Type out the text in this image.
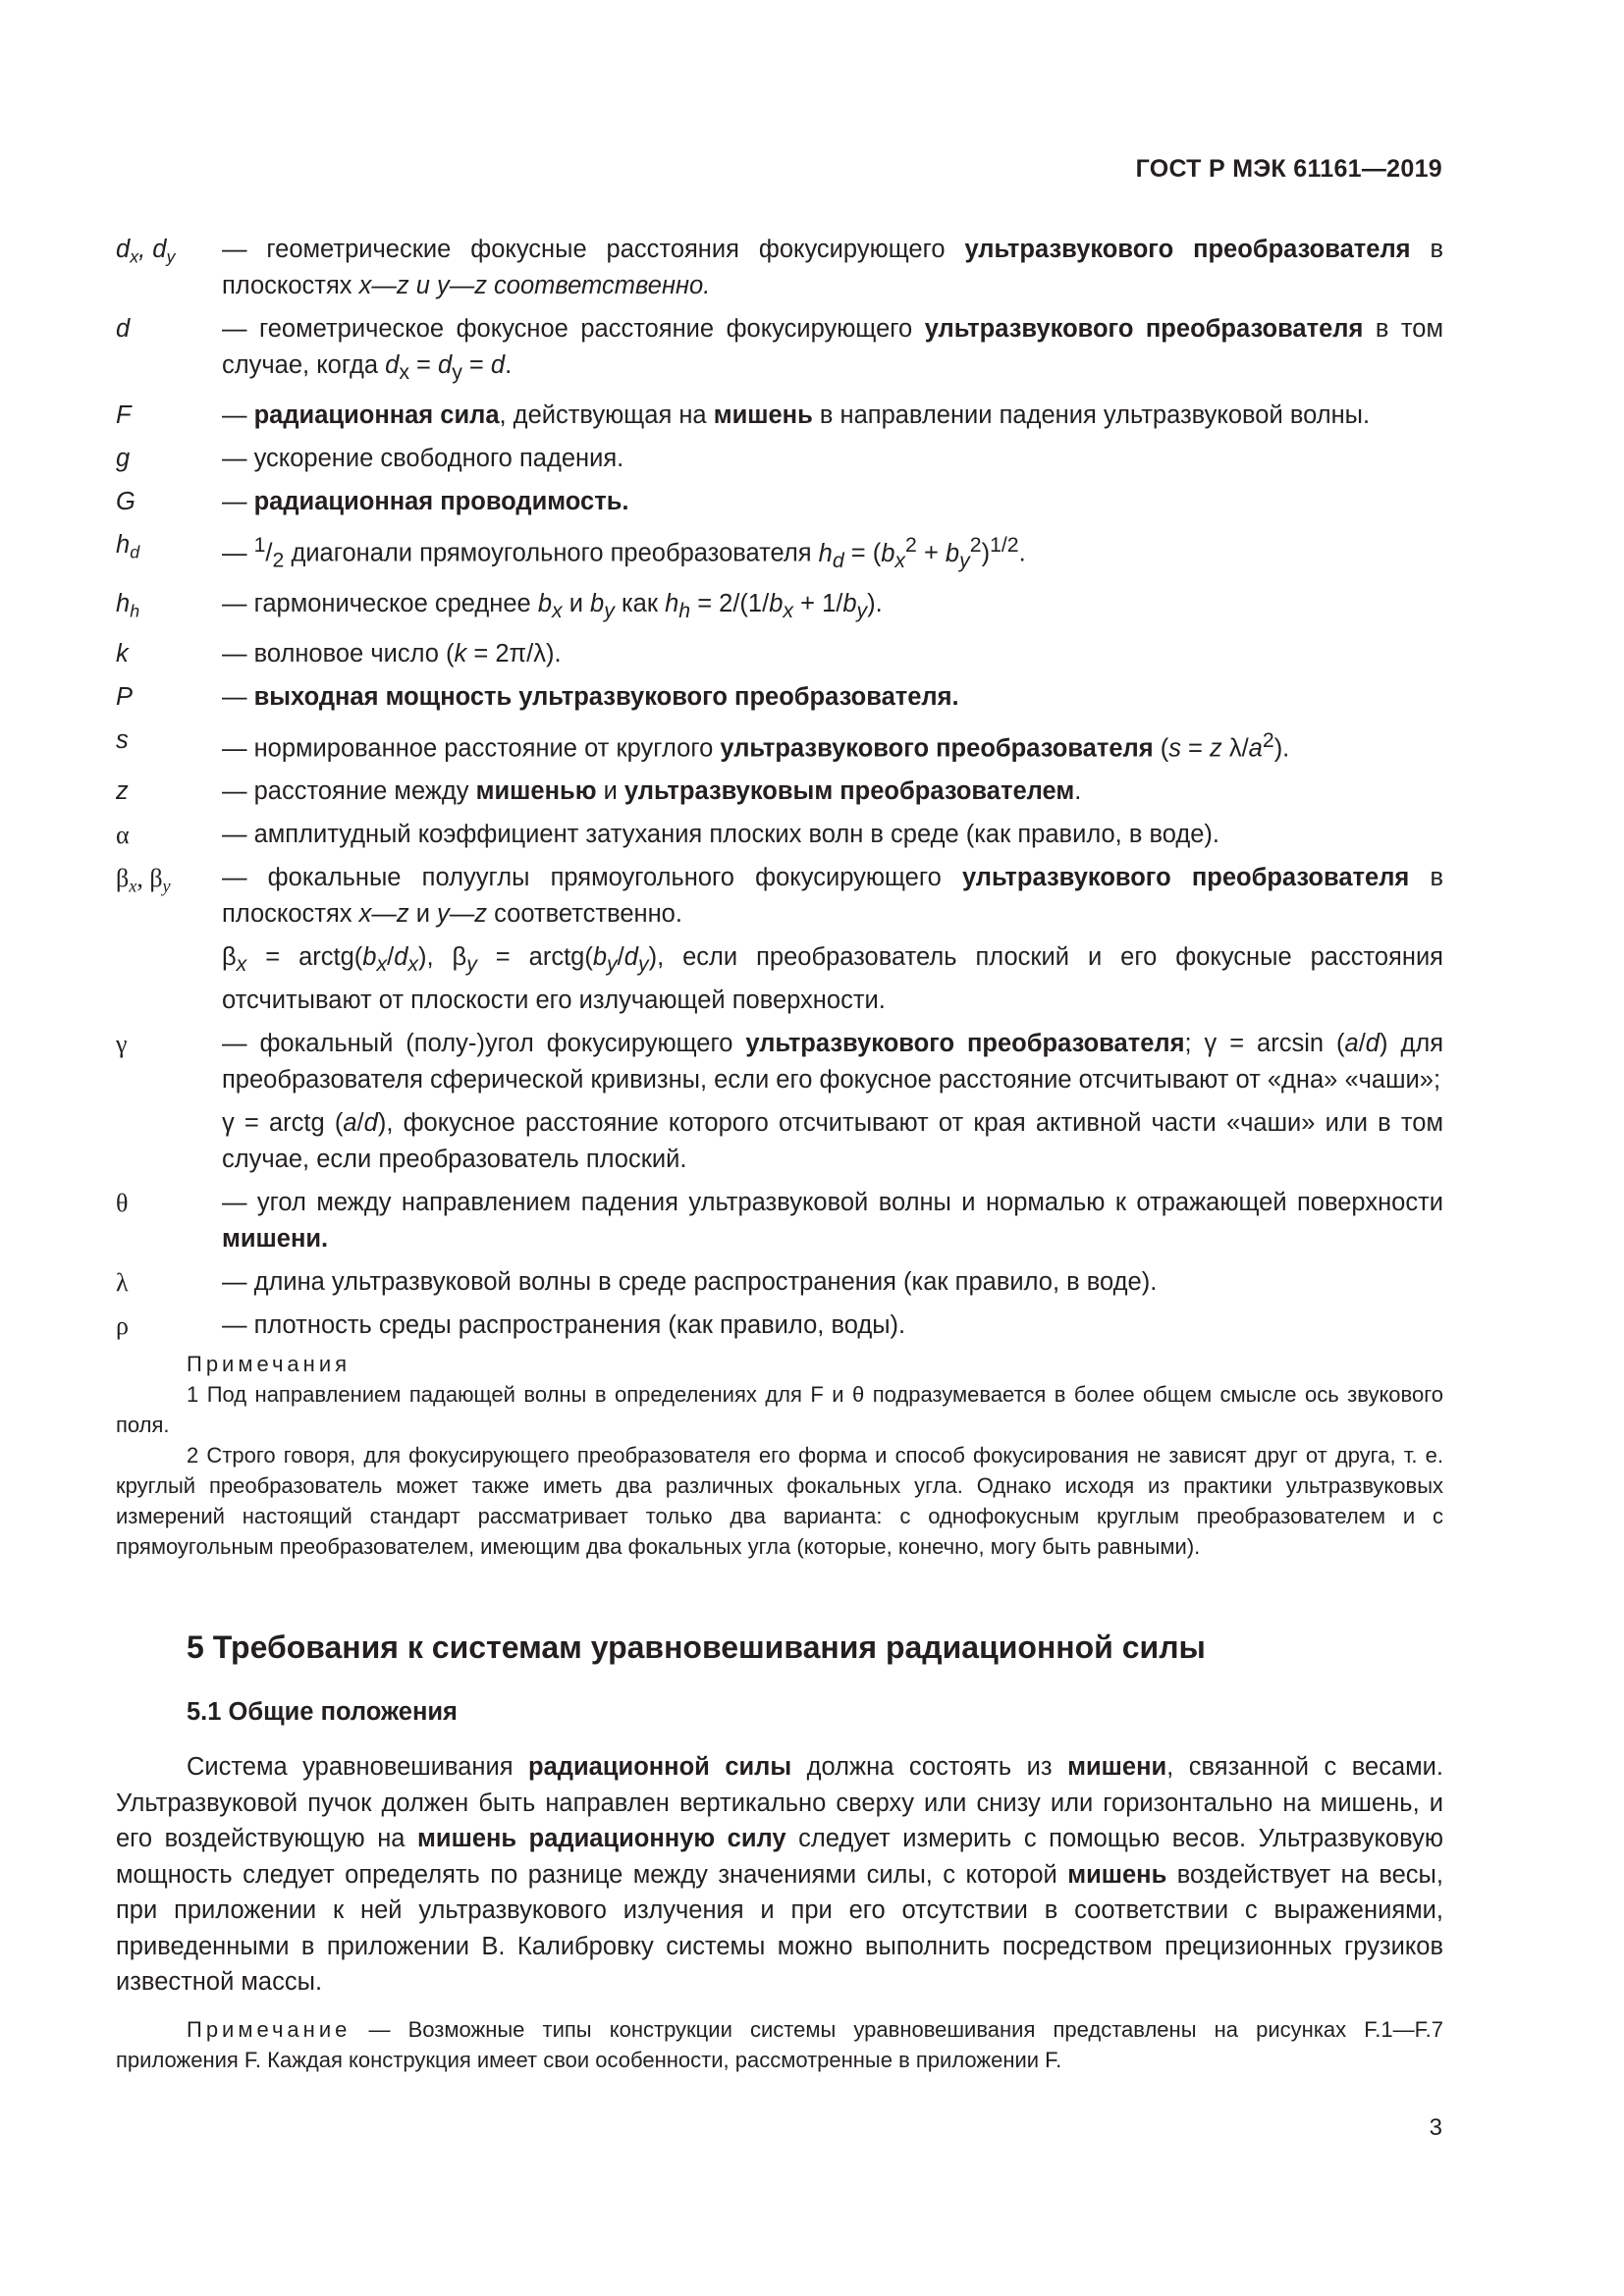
ГОСТ Р МЭК 61161—2019
$d_x$, $d_y$	— геометрические фокусные расстояния фокусирующего ультразвукового преобразователя в плоскостях x—z и y—z соответственно.
d	— геометрическое фокусное расстояние фокусирующего ультразвукового преобразователя в том случае, когда $d_x = d_y = d$.
F	— радиационная сила, действующая на мишень в направлении падения ультразвуковой волны.
g	— ускорение свободного падения.
G	— радиационная проводимость.
$h_d$	— $^1/_2$ диагонали прямоугольного преобразователя $h_d = (b_x^2 + b_y^2)^{1/2}$.
$h_h$	— гармоническое среднее $b_x$ и $b_y$ как $h_h = 2/(1/b_x + 1/b_y)$.
k	— волновое число (k = 2π/λ).
P	— выходная мощность ультразвукового преобразователя.
s	— нормированное расстояние от круглого ультразвукового преобразователя (s = z $\lambda/a^2$).
z	— расстояние между мишенью и ультразвуковым преобразователем.
α	— амплитудный коэффициент затухания плоских волн в среде (как правило, в воде).
$\beta_x$, $\beta_y$	— фокальные полууглы прямоугольного фокусирующего ультразвукового преобразователя в плоскостях x—z и y—z соответственно.
$\beta_x$ = $arctg(b_x/d_x)$, $\beta_y$ = $arctg(b_y/d_y)$, если преобразователь плоский и его фокусные расстояния отсчитывают от плоскости его излучающей поверхности.
γ	— фокальный (полу-)угол фокусирующего ультразвукового преобразователя; γ = arcsin (a/d) для преобразователя сферической кривизны, если его фокусное расстояние отсчитывают от «дна» «чаши»;
γ = arctg (a/d), фокусное расстояние которого отсчитывают от края активной части «чаши» или в том случае, если преобразователь плоский.
θ	— угол между направлением падения ультразвуковой волны и нормалью к отражающей поверхности мишени.
λ	— длина ультразвуковой волны в среде распространения (как правило, в воде).
ρ	— плотность среды распространения (как правило, воды).
Примечания

1 Под направлением падающей волны в определениях для F и θ подразумевается в более общем смысле ось звукового поля.

2 Строго говоря, для фокусирующего преобразователя его форма и способ фокусирования не зависят друг от друга, т. е. круглый преобразователь может также иметь два различных фокальных угла. Однако исходя из практики ультразвуковых измерений настоящий стандарт рассматривает только два варианта: с однофокусным круглым преобразователем и с прямоугольным преобразователем, имеющим два фокальных угла (которые, конечно, могу быть равными).

5 Требования к системам уравновешивания радиационной силы
5.1 Общие положения
Система уравновешивания радиационной силы должна состоять из мишени, связанной с весами. Ультразвуковой пучок должен быть направлен вертикально сверху или снизу или горизонтально на мишень, и его воздействующую на мишень радиационную силу следует измерить с помощью весов. Ультразвуковую мощность следует определять по разнице между значениями силы, с которой мишень воздействует на весы, при приложении к ней ультразвукового излучения и при его отсутствии в соответствии с выражениями, приведенными в приложении В. Калибровку системы можно выполнить посредством прецизионных грузиков известной массы.
Примечание — Возможные типы конструкции системы уравновешивания представлены на рисунках F.1—F.7 приложения F. Каждая конструкция имеет свои особенности, рассмотренные в приложении F.
3
